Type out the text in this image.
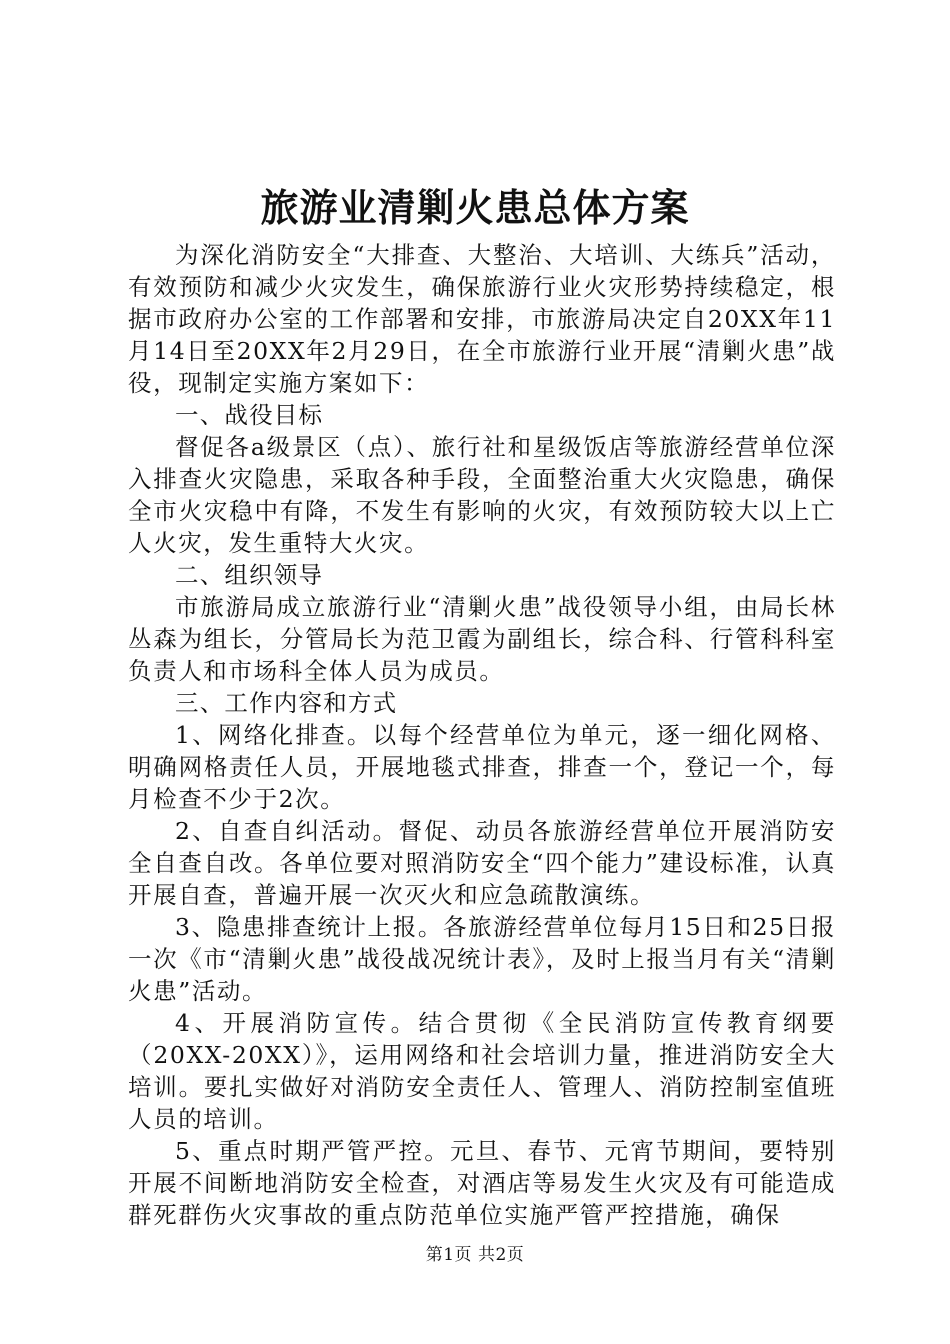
旅游业清剿火患总体方案

为深化消防安全“大排查、大整治、大培训、大练兵”活动，有效预防和减少火灾发生，确保旅游行业火灾形势持续稳定，根据市政府办公室的工作部署和安排，市旅游局决定自20XX年11月14日至20XX年2月29日，在全市旅游行业开展“清剿火患”战役，现制定实施方案如下：

一、战役目标

督促各a级景区（点）、旅行社和星级饭店等旅游经营单位深入排查火灾隐患，采取各种手段，全面整治重大火灾隐患，确保全市火灾稳中有降，不发生有影响的火灾，有效预防较大以上亡人火灾，发生重特大火灾。

二、组织领导

市旅游局成立旅游行业“清剿火患”战役领导小组，由局长林丛森为组长，分管局长为范卫霞为副组长，综合科、行管科科室负责人和市场科全体人员为成员。

三、工作内容和方式

1、网络化排查。以每个经营单位为单元，逐一细化网格、明确网格责任人员，开展地毯式排查，排查一个，登记一个，每月检查不少于2次。

2、自查自纠活动。督促、动员各旅游经营单位开展消防安全自查自改。各单位要对照消防安全“四个能力”建设标准，认真开展自查，普遍开展一次灭火和应急疏散演练。

3、隐患排查统计上报。各旅游经营单位每月15日和25日报一次《市“清剿火患”战役战况统计表》，及时上报当月有关“清剿火患”活动。

4、开展消防宣传。结合贯彻《全民消防宣传教育纲要（20XX-20XX）》，运用网络和社会培训力量，推进消防安全大培训。要扎实做好对消防安全责任人、管理人、消防控制室值班人员的培训。

5、重点时期严管严控。元旦、春节、元宵节期间，要特别开展不间断地消防安全检查，对酒店等易发生火灾及有可能造成群死群伤火灾事故的重点防范单位实施严管严控措施，确保

第1页 共2页
